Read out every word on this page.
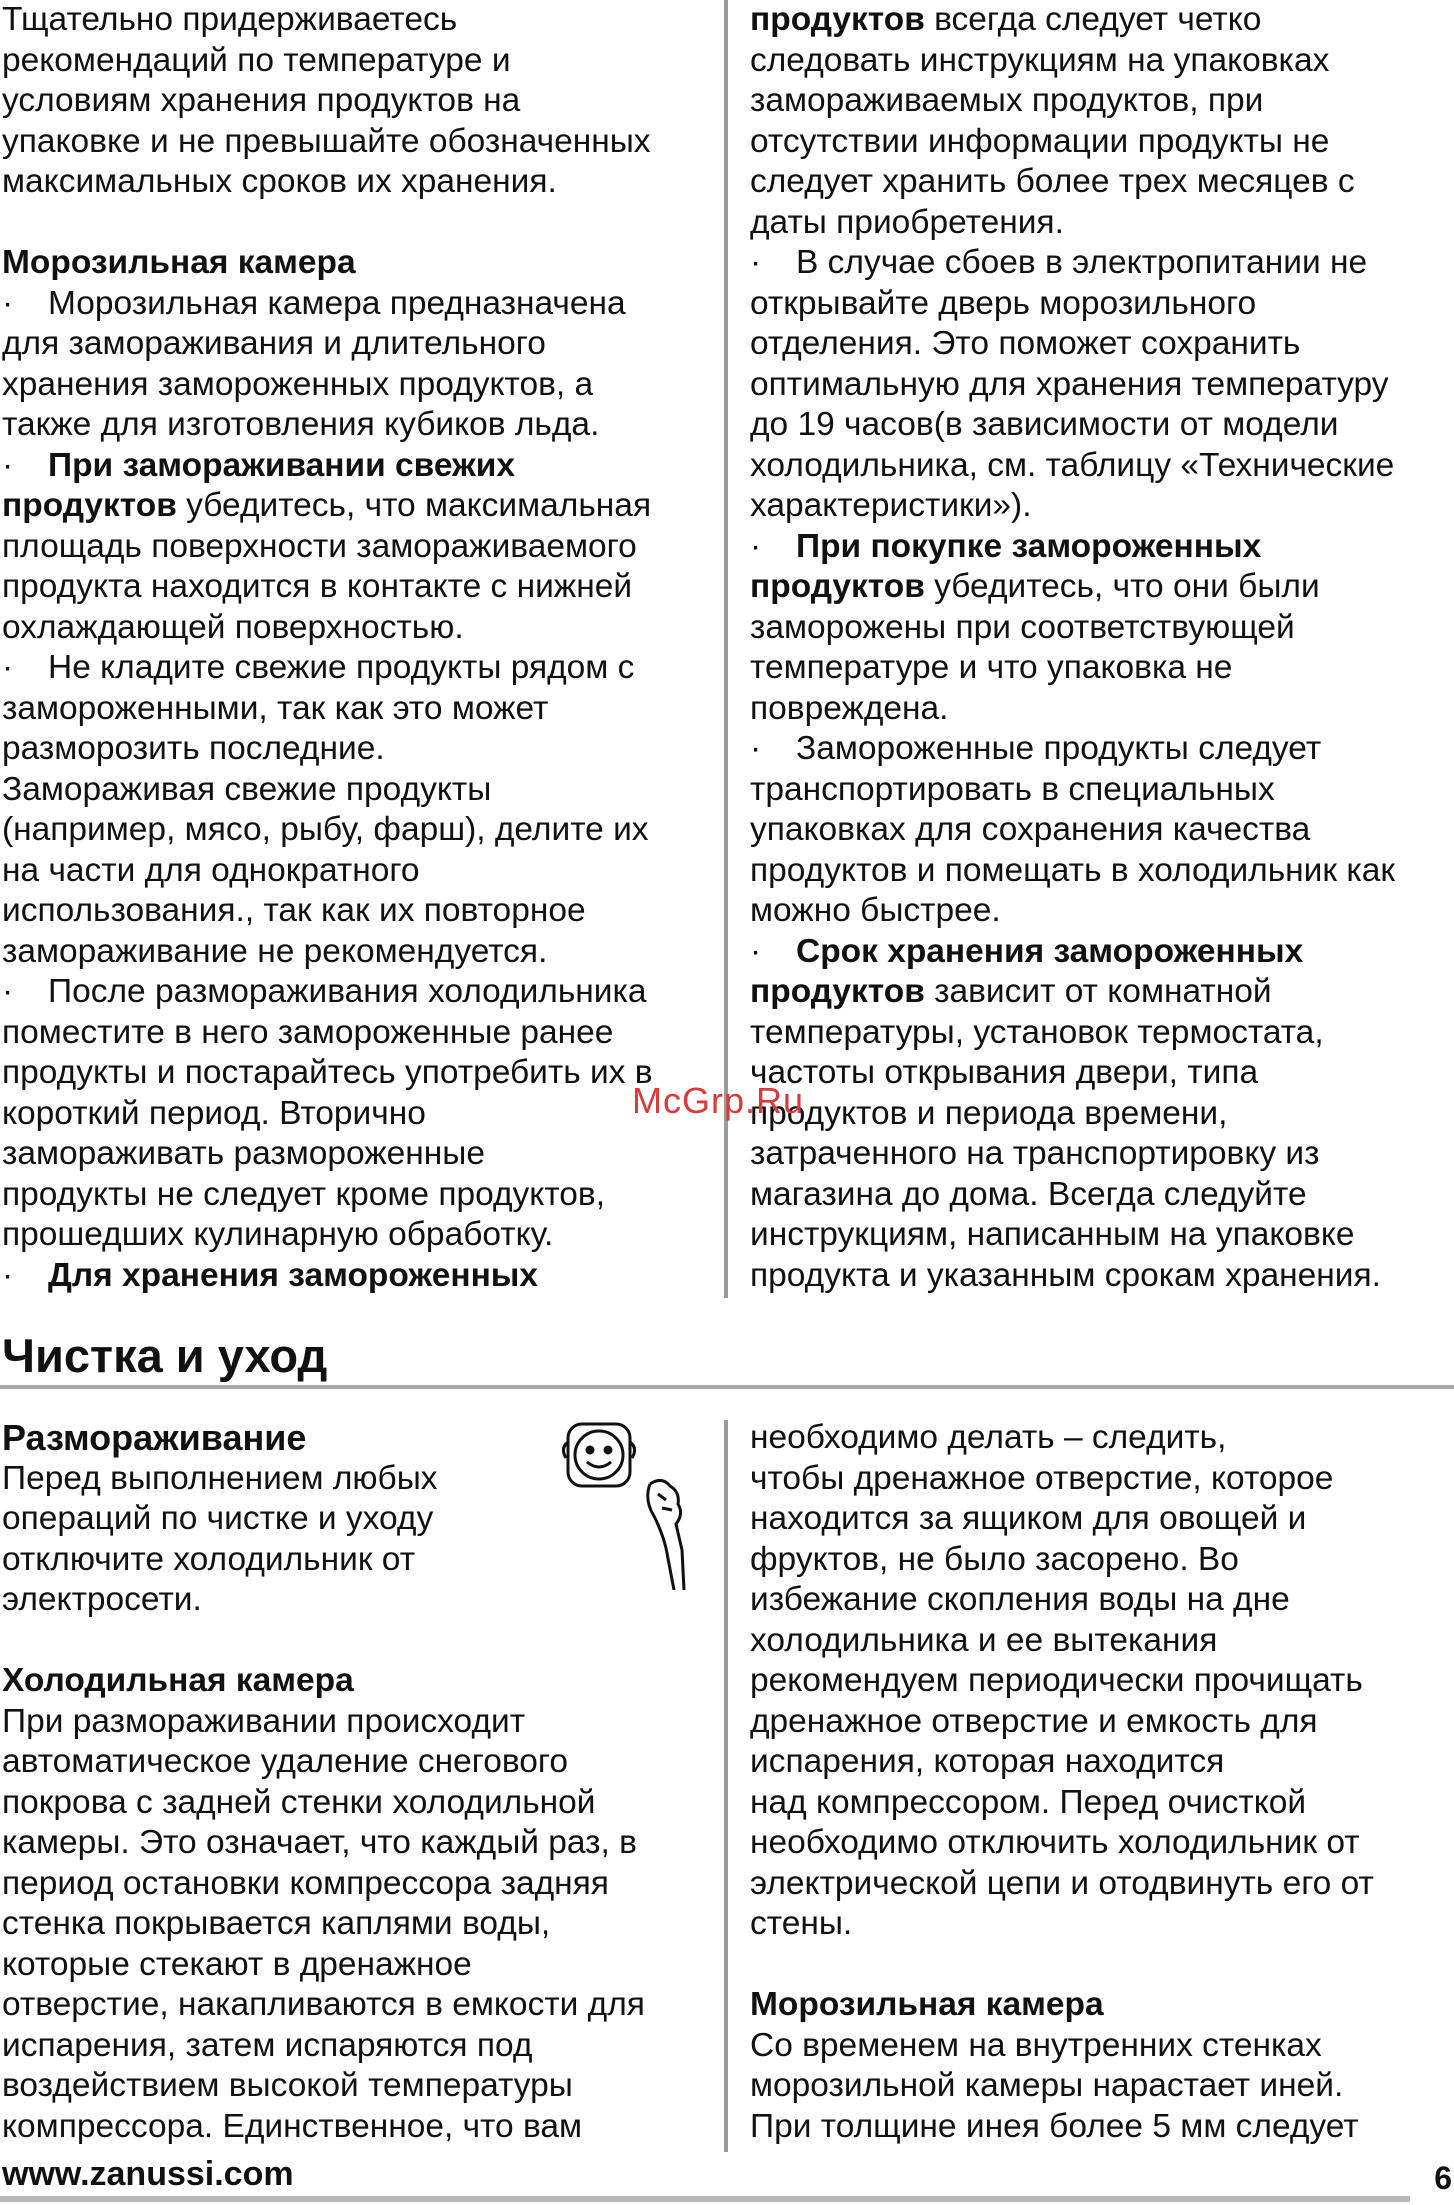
Тщательно придерживаетесь

рекомендаций по температуре и

условиям хранения продуктов на

упаковке и не превышайте обозначенных

максимальных сроков их хранения.

Морозильная камера

· Морозильная камера предназначена

для замораживания и длительного

хранения замороженных продуктов, а

также для изготовления кубиков льда.

· При замораживании свежих

продуктов убедитесь, что максимальная

площадь поверхности замораживаемого

продукта находится в контакте с нижней

охлаждающей поверхностью.

· Не кладите свежие продукты рядом с

замороженными, так как это может

разморозить последние.

Замораживая свежие продукты

(например, мясо, рыбу, фарш), делите их

на части для однократного

использования., так как их повторное

замораживание не рекомендуется.

· После размораживания холодильника

поместите в него замороженные ранее

продукты и постарайтесь употребить их в

короткий период. Вторично

замораживать размороженные

продукты не следует кроме продуктов,

прошедших кулинарную обработку.

· Для хранения замороженных

продуктов всегда следует четко

следовать инструкциям на упаковках

замораживаемых продуктов, при

отсутствии информации продукты не

следует хранить более трех месяцев с

даты приобретения.

· В случае сбоев в электропитании не

открывайте дверь морозильного

отделения. Это поможет сохранить

оптимальную для хранения температуру

до 19 часов(в зависимости от модели

холодильника, см. таблицу «Технические

характеристики»).

· При покупке замороженных

продуктов убедитесь, что они были

заморожены при соответствующей

температуре и что упаковка не

повреждена.

· Замороженные продукты следует

транспортировать в специальных

упаковках для сохранения качества

продуктов и помещать в холодильник как

можно быстрее.

· Срок хранения замороженных

продуктов зависит от комнатной

температуры, установок термостата,

частоты открывания двери, типа

продуктов и периода времени,

затраченного на транспортировку из

магазина до дома. Всегда следуйте

инструкциям, написанным на упаковке

продукта и указанным срокам хранения.

Чистка и уход

Размораживание

Перед выполнением любых

операций по чистке и уходу

отключите холодильник от

электросети.

Холодильная камера

При размораживании происходит

автоматическое удаление снегового

покрова с задней стенки холодильной

камеры. Это означает, что каждый раз, в

период остановки компрессора задняя

стенка покрывается каплями воды,

которые стекают в дренажное

отверстие, накапливаются в емкости для

испарения, затем испаряются под

воздействием высокой температуры

компрессора. Единственное, что вам

необходимо делать – следить,

чтобы дренажное отверстие, которое

находится за ящиком для овощей и

фруктов, не было засорено. Во

избежание скопления воды на дне

холодильника и ее вытекания

рекомендуем периодически прочищать

дренажное отверстие и емкость для

испарения, которая находится

над компрессором. Перед очисткой

необходимо отключить холодильник от

электрической цепи и отодвинуть его от

стены.

Морозильная камера

Со временем на внутренних стенках

морозильной камеры нарастает иней.

При толщине инея более 5 мм следует

McGrp.Ru
www.zanussi.com	6
